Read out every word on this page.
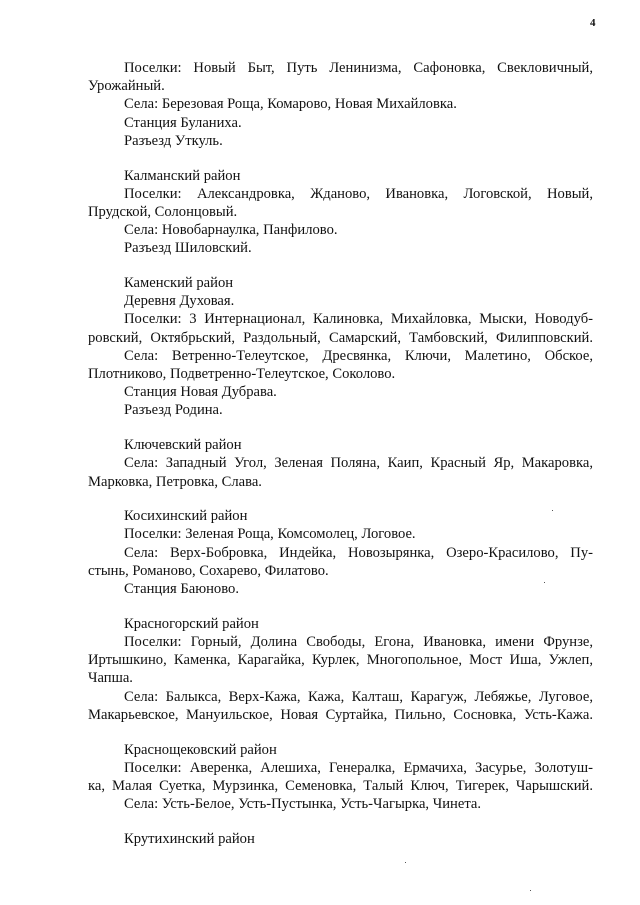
4
Поселки: Новый Быт, Путь Ленинизма, Сафоновка, Свекловичный,
Урожайный.
Села: Березовая Роща, Комарово, Новая Михайловка.
Станция Буланиха.
Разъезд Уткуль.
Калманский район
Поселки: Александровка, Жданово, Ивановка, Логовской, Новый,
Прудской, Солонцовый.
Села: Новобарнаулка, Панфилово.
Разъезд Шиловский.
Каменский район
Деревня Духовая.
Поселки: 3 Интернационал, Калиновка, Михайловка, Мыски, Новодуб-
ровский, Октябрьский, Раздольный, Самарский, Тамбовский, Филипповский.
Села: Ветренно-Телеутское, Дресвянка, Ключи, Малетино, Обское,
Плотниково, Подветренно-Телеутское, Соколово.
Станция Новая Дубрава.
Разъезд Родина.
Ключевский район
Села: Западный Угол, Зеленая Поляна, Каип, Красный Яр, Макаровка,
Марковка, Петровка, Слава.
Косихинский район
Поселки: Зеленая Роща, Комсомолец, Логовое.
Села: Верх-Бобровка, Индейка, Новозырянка, Озеро-Красилово, Пу-
стынь, Романово, Сохарево, Филатово.
Станция Баюново.
Красногорский район
Поселки: Горный, Долина Свободы, Егона, Ивановка, имени Фрунзе,
Иртышкино, Каменка, Карагайка, Курлек, Многопольное, Мост Иша, Ужлеп,
Чапша.
Села: Балыкса, Верх-Кажа, Кажа, Калташ, Карагуж, Лебяжье, Луговое,
Макарьевское, Мануильское, Новая Суртайка, Пильно, Сосновка, Усть-Кажа.
Краснощековский район
Поселки: Аверенка, Алешиха, Генералка, Ермачиха, Засурье, Золотуш-
ка, Малая Суетка, Мурзинка, Семеновка, Талый Ключ, Тигерек, Чарышский.
Села: Усть-Белое, Усть-Пустынка, Усть-Чагырка, Чинета.
Крутихинский район
